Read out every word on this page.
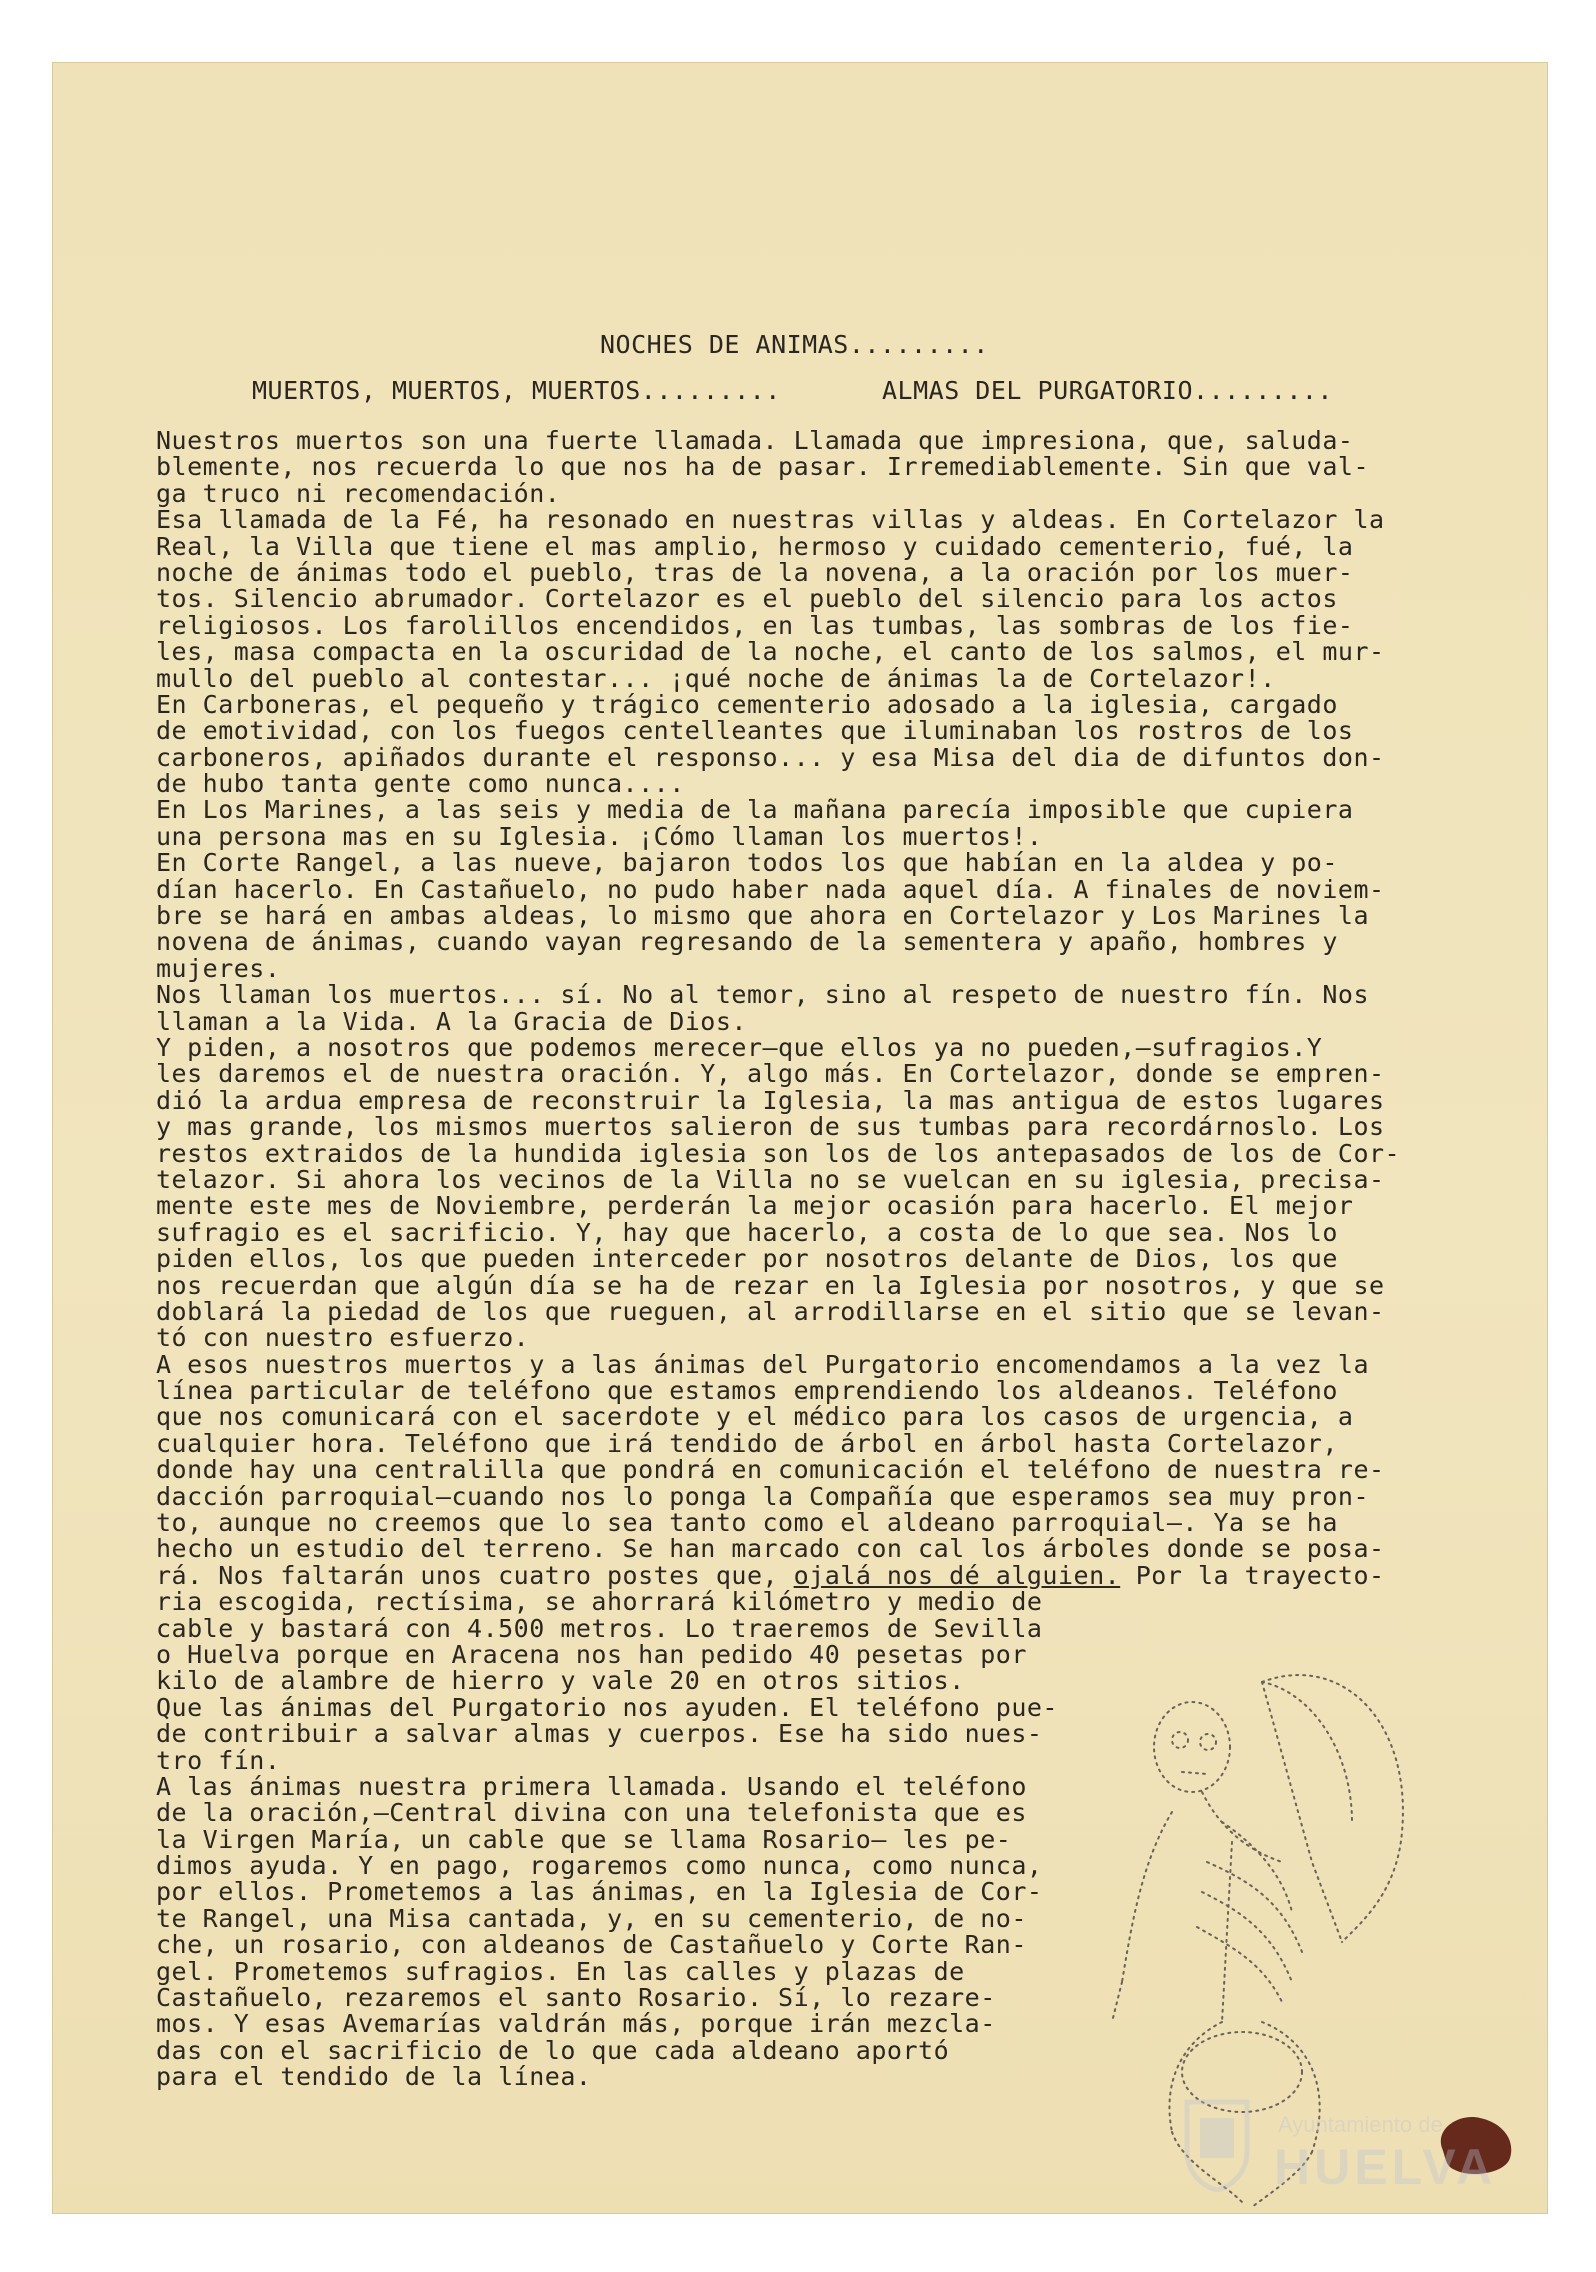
NOCHES DE ANIMAS.........
MUERTOS, MUERTOS, MUERTOS.........	ALMAS DEL PURGATORIO.........
Nuestros muertos son una fuerte llamada. Llamada que impresiona, que, saluda-
blemente, nos recuerda lo que nos ha de pasar. Irremediablemente. Sin que val-
ga truco ni recomendación.
Esa llamada de la Fé, ha resonado en nuestras villas y aldeas. En Cortelazor la
Real, la Villa que tiene el mas amplio, hermoso y cuidado cementerio, fué, la
noche de ánimas todo el pueblo, tras de la novena, a la oración por los muer-
tos. Silencio abrumador. Cortelazor es el pueblo del silencio para los actos
religiosos. Los farolillos encendidos, en las tumbas, las sombras de los fie-
les, masa compacta en la oscuridad de la noche, el canto de los salmos, el mur-
mullo del pueblo al contestar... ¡qué noche de ánimas la de Cortelazor!.
En Carboneras, el pequeño y trágico cementerio adosado a la iglesia, cargado
de emotividad, con los fuegos centelleantes que iluminaban los rostros de los
carboneros, apiñados durante el responso... y esa Misa del dia de difuntos don-
de hubo tanta gente como nunca....
En Los Marines, a las seis y media de la mañana parecía imposible que cupiera
una persona mas en su Iglesia. ¡Cómo llaman los muertos!.
En Corte Rangel, a las nueve, bajaron todos los que habían en la aldea y po-
dían hacerlo. En Castañuelo, no pudo haber nada aquel día. A finales de noviem-
bre se hará en ambas aldeas, lo mismo que ahora en Cortelazor y Los Marines la
novena de ánimas, cuando vayan regresando de la sementera y apaño, hombres y
mujeres.
Nos llaman los muertos... sí. No al temor, sino al respeto de nuestro fín. Nos
llaman a la Vida. A la Gracia de Dios.
Y piden, a nosotros que podemos merecer—que ellos ya no pueden,—sufragios.Y
les daremos el de nuestra oración. Y, algo más. En Cortelazor, donde se empren-
dió la ardua empresa de reconstruir la Iglesia, la mas antigua de estos lugares
y mas grande, los mismos muertos salieron de sus tumbas para recordárnoslo. Los
restos extraidos de la hundida iglesia son los de los antepasados de los de Cor-
telazor. Si ahora los vecinos de la Villa no se vuelcan en su iglesia, precisa-
mente este mes de Noviembre, perderán la mejor ocasión para hacerlo. El mejor
sufragio es el sacrificio. Y, hay que hacerlo, a costa de lo que sea. Nos lo
piden ellos, los que pueden interceder por nosotros delante de Dios, los que
nos recuerdan que algún día se ha de rezar en la Iglesia por nosotros, y que se
doblará la piedad de los que rueguen, al arrodillarse en el sitio que se levan-
tó con nuestro esfuerzo.
A esos nuestros muertos y a las ánimas del Purgatorio encomendamos a la vez la
línea particular de teléfono que estamos emprendiendo los aldeanos. Teléfono
que nos comunicará con el sacerdote y el médico para los casos de urgencia, a
cualquier hora. Teléfono que irá tendido de árbol en árbol hasta Cortelazor,
donde hay una centralilla que pondrá en comunicación el teléfono de nuestra re-
dacción parroquial—cuando nos lo ponga la Compañía que esperamos sea muy pron-
to, aunque no creemos que lo sea tanto como el aldeano parroquial—. Ya se ha
hecho un estudio del terreno. Se han marcado con cal los árboles donde se posa-
rá. Nos faltarán unos cuatro postes que, ojalá nos dé alguien. Por la trayecto-
ria escogida, rectísima, se ahorrará kilómetro y medio de
cable y bastará con 4.500 metros. Lo traeremos de Sevilla
o Huelva porque en Aracena nos han pedido 40 pesetas por
kilo de alambre de hierro y vale 20 en otros sitios.
Que las ánimas del Purgatorio nos ayuden. El teléfono pue-
de contribuir a salvar almas y cuerpos. Ese ha sido nues-
tro fín.
A las ánimas nuestra primera llamada. Usando el teléfono
de la oración,—Central divina con una telefonista que es
la Virgen María, un cable que se llama Rosario— les pe-
dimos ayuda. Y en pago, rogaremos como nunca, como nunca,
por ellos. Prometemos a las ánimas, en la Iglesia de Cor-
te Rangel, una Misa cantada, y, en su cementerio, de no-
che, un rosario, con aldeanos de Castañuelo y Corte Ran-
gel. Prometemos sufragios. En las calles y plazas de
Castañuelo, rezaremos el santo Rosario. Sí, lo rezare-
mos. Y esas Avemarías valdrán más, porque irán mezcla-
das con el sacrificio de lo que cada aldeano aportó
para el tendido de la línea.
Ayuntamiento de
HUELVA
